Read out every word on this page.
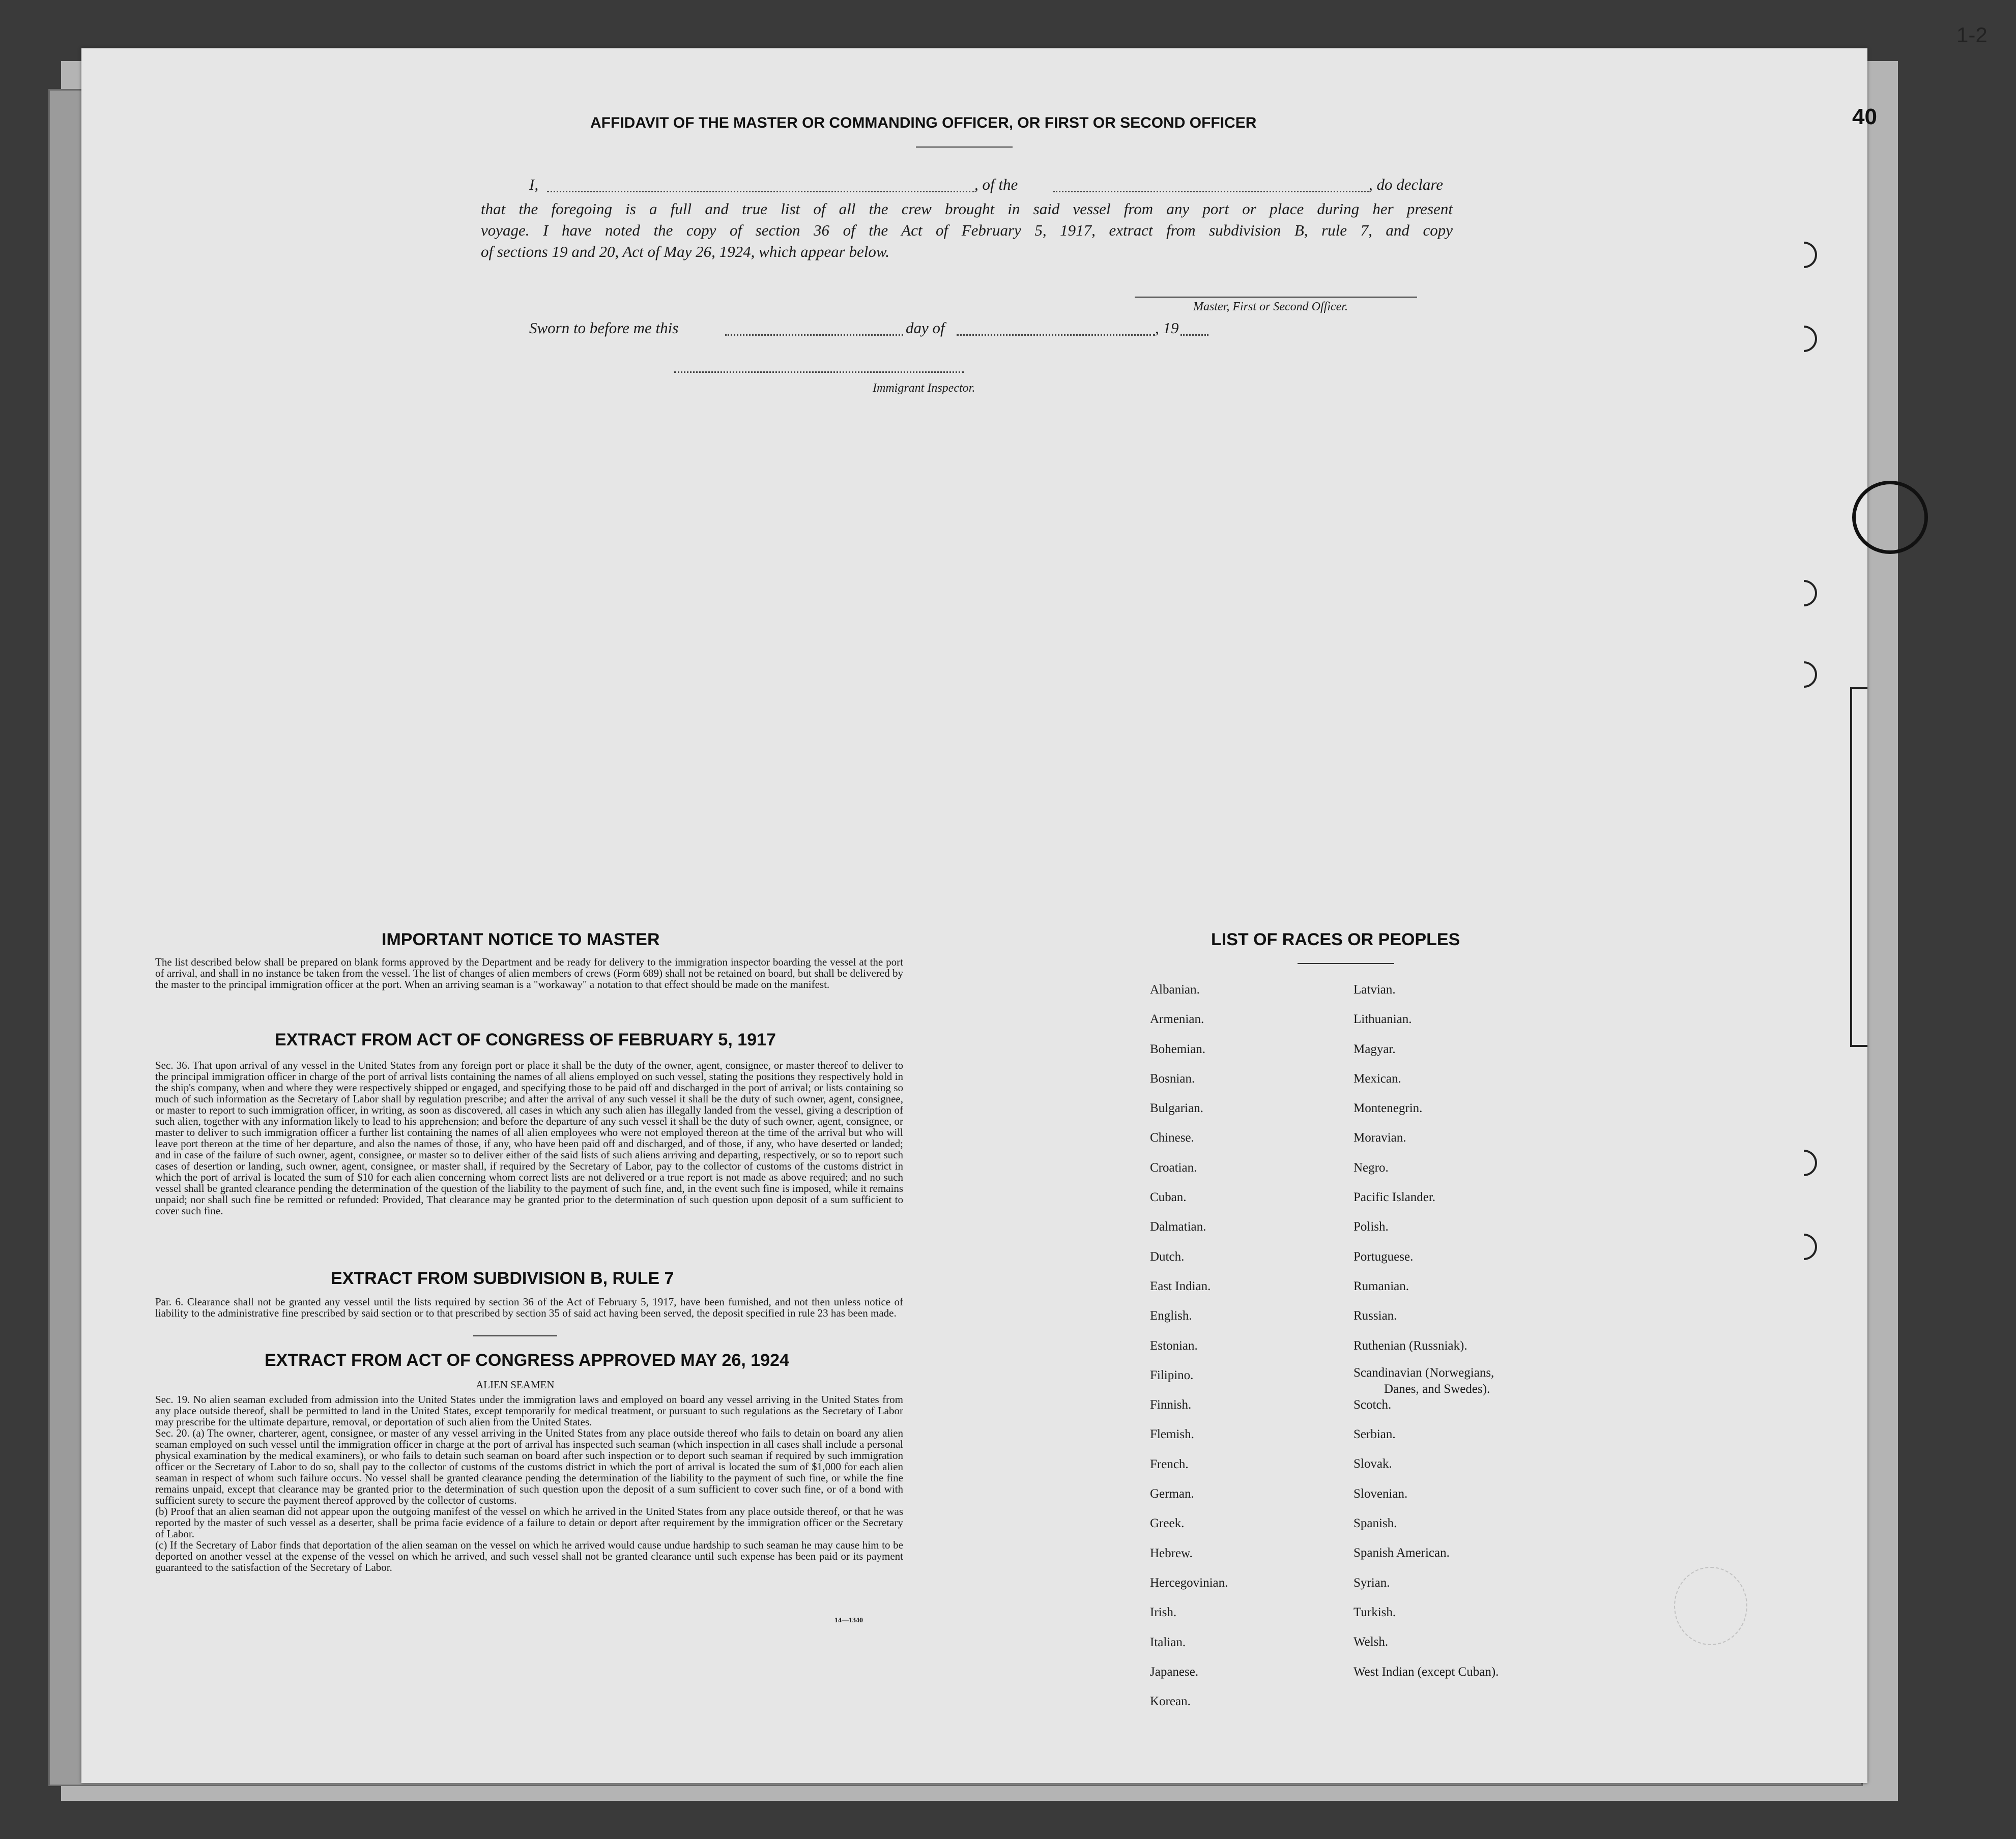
1-2
40
AFFIDAVIT OF THE MASTER OR COMMANDING OFFICER, OR FIRST OR SECOND OFFICER
I,	, of the	, do declare
that the foregoing is a full and true list of all the crew brought in said vessel from any port or place during her present
voyage. I have noted the copy of section 36 of the Act of February 5, 1917, extract from subdivision B, rule 7, and copy
of sections 19 and 20, Act of May 26, 1924, which appear below.
Master, First or Second Officer.
Sworn to before me this	day of	, 19
Immigrant Inspector.
IMPORTANT NOTICE TO MASTER
The list described below shall be prepared on blank forms approved by the Department and be ready for delivery to the immigration inspector boarding the vessel at the port of arrival, and shall in no instance be taken from the vessel. The list of changes of alien members of crews (Form 689) shall not be retained on board, but shall be delivered by the master to the principal immigration officer at the port. When an arriving seaman is a "workaway" a notation to that effect should be made on the manifest.
EXTRACT FROM ACT OF CONGRESS OF FEBRUARY 5, 1917
Sec. 36. That upon arrival of any vessel in the United States from any foreign port or place it shall be the duty of the owner, agent, consignee, or master thereof to deliver to the principal immigration officer in charge of the port of arrival lists containing the names of all aliens employed on such vessel, stating the positions they respectively hold in the ship's company, when and where they were respectively shipped or engaged, and specifying those to be paid off and discharged in the port of arrival; or lists containing so much of such information as the Secretary of Labor shall by regulation prescribe; and after the arrival of any such vessel it shall be the duty of such owner, agent, consignee, or master to report to such immigration officer, in writing, as soon as discovered, all cases in which any such alien has illegally landed from the vessel, giving a description of such alien, together with any information likely to lead to his apprehension; and before the departure of any such vessel it shall be the duty of such owner, agent, consignee, or master to deliver to such immigration officer a further list containing the names of all alien employees who were not employed thereon at the time of the arrival but who will leave port thereon at the time of her departure, and also the names of those, if any, who have been paid off and discharged, and of those, if any, who have deserted or landed; and in case of the failure of such owner, agent, consignee, or master so to deliver either of the said lists of such aliens arriving and departing, respectively, or so to report such cases of desertion or landing, such owner, agent, consignee, or master shall, if required by the Secretary of Labor, pay to the collector of customs of the customs district in which the port of arrival is located the sum of $10 for each alien concerning whom correct lists are not delivered or a true report is not made as above required; and no such vessel shall be granted clearance pending the determination of the question of the liability to the payment of such fine, and, in the event such fine is imposed, while it remains unpaid; nor shall such fine be remitted or refunded: Provided, That clearance may be granted prior to the determination of such question upon deposit of a sum sufficient to cover such fine.
EXTRACT FROM SUBDIVISION B, RULE 7
Par. 6. Clearance shall not be granted any vessel until the lists required by section 36 of the Act of February 5, 1917, have been furnished, and not then unless notice of liability to the administrative fine prescribed by said section or to that prescribed by section 35 of said act having been served, the deposit specified in rule 23 has been made.
EXTRACT FROM ACT OF CONGRESS APPROVED MAY 26, 1924
ALIEN SEAMEN
Sec. 19. No alien seaman excluded from admission into the United States under the immigration laws and employed on board any vessel arriving in the United States from any place outside thereof, shall be permitted to land in the United States, except temporarily for medical treatment, or pursuant to such regulations as the Secretary of Labor may prescribe for the ultimate departure, removal, or deportation of such alien from the United States.
Sec. 20. (a) The owner, charterer, agent, consignee, or master of any vessel arriving in the United States from any place outside thereof who fails to detain on board any alien seaman employed on such vessel until the immigration officer in charge at the port of arrival has inspected such seaman (which inspection in all cases shall include a personal physical examination by the medical examiners), or who fails to detain such seaman on board after such inspection or to deport such seaman if required by such immigration officer or the Secretary of Labor to do so, shall pay to the collector of customs of the customs district in which the port of arrival is located the sum of $1,000 for each alien seaman in respect of whom such failure occurs. No vessel shall be granted clearance pending the determination of the liability to the payment of such fine, or while the fine remains unpaid, except that clearance may be granted prior to the determination of such question upon the deposit of a sum sufficient to cover such fine, or of a bond with sufficient surety to secure the payment thereof approved by the collector of customs.
(b) Proof that an alien seaman did not appear upon the outgoing manifest of the vessel on which he arrived in the United States from any place outside thereof, or that he was reported by the master of such vessel as a deserter, shall be prima facie evidence of a failure to detain or deport after requirement by the immigration officer or the Secretary of Labor.
(c) If the Secretary of Labor finds that deportation of the alien seaman on the vessel on which he arrived would cause undue hardship to such seaman he may cause him to be deported on another vessel at the expense of the vessel on which he arrived, and such vessel shall not be granted clearance until such expense has been paid or its payment guaranteed to the satisfaction of the Secretary of Labor.
14—1340
LIST OF RACES OR PEOPLES
Albanian.
Armenian.
Bohemian.
Bosnian.
Bulgarian.
Chinese.
Croatian.
Cuban.
Dalmatian.
Dutch.
East Indian.
English.
Estonian.
Filipino.
Finnish.
Flemish.
French.
German.
Greek.
Hebrew.
Hercegovinian.
Irish.
Italian.
Japanese.
Korean.
Latvian.
Lithuanian.
Magyar.
Mexican.
Montenegrin.
Moravian.
Negro.
Pacific Islander.
Polish.
Portuguese.
Rumanian.
Russian.
Ruthenian (Russniak).
Scandinavian (Norwegians,
Danes, and Swedes).
Scotch.
Serbian.
Slovak.
Slovenian.
Spanish.
Spanish American.
Syrian.
Turkish.
Welsh.
West Indian (except Cuban).
